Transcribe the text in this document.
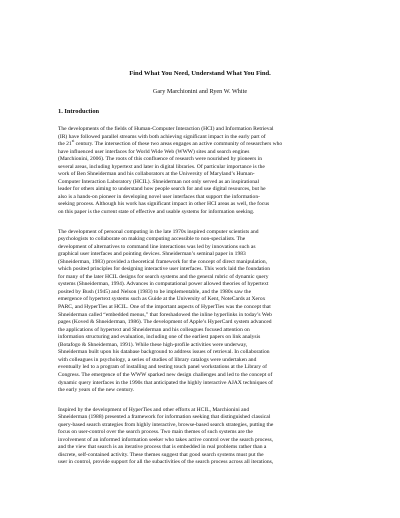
Find What You Need, Understand What You Find.
Gary Marchionini and Ryen W. White
1. Introduction
The developments of the fields of Human-Computer Interaction (HCI) and Information Retrieval
(IR) have followed parallel streams with both achieving significant impact in the early part of
the 21st century. The intersection of these two areas engages an active community of researchers who
have influenced user interfaces for World Wide Web (WWW) sites and search engines
(Marchionini, 2006). The roots of this confluence of research were nourished by pioneers in
several areas, including hypertext and later in digital libraries. Of particular importance is the
work of Ben Shneiderman and his collaborators at the University of Maryland’s Human-
Computer Interaction Laboratory (HCIL). Shneiderman not only served as an inspirational
leader for others aiming to understand how people search for and use digital resources, but he
also is a hands-on pioneer in developing novel user interfaces that support the information-
seeking process. Although his work has significant impact in other HCI areas as well, the focus
on this paper is the current state of effective and usable systems for information seeking.
The development of personal computing in the late 1970s inspired computer scientists and
psychologists to collaborate on making computing accessible to non-specialists. The
development of alternatives to command line interactions was led by innovations such as
graphical user interfaces and pointing devices. Shneiderman’s seminal paper in 1983
(Shneiderman, 1983) provided a theoretical framework for the concept of direct manipulation,
which posited principles for designing interactive user interfaces. This work laid the foundation
for many of the later HCIL designs for search systems and the general rubric of dynamic query
systems (Shneiderman, 1994). Advances in computational power allowed theories of hypertext
posited by Bush (1945) and Nelson (1983) to be implementable, and the 1980s saw the
emergence of hypertext systems such as Guide at the University of Kent, NoteCards at Xerox
PARC, and HyperTies at HCIL. One of the important aspects of HyperTies was the concept that
Shneiderman called “embedded menus,” that foreshadowed the inline hyperlinks in today’s Web
pages (Koved & Shneiderman, 1986). The development of Apple’s HyperCard system advanced
the applications of hypertext and Shneiderman and his colleagues focused attention on
information structuring and evaluation, including one of the earliest papers on link analysis
(Botafogo & Shneiderman, 1991). While these high-profile activities were underway,
Shneiderman built upon his database background to address issues of retrieval. In collaboration
with colleagues in psychology, a series of studies of library catalogs were undertaken and
eventually led to a program of installing and testing touch panel workstations at the Library of
Congress. The emergence of the WWW sparked new design challenges and led to the concept of
dynamic query interfaces in the 1990s that anticipated the highly interactive AJAX techniques of
the early years of the new century.
Inspired by the development of HyperTies and other efforts at HCIL, Marchionini and
Shneiderman (1988) presented a framework for information seeking that distinguished classical
query-based search strategies from highly interactive, browse-based search strategies, putting the
focus on user-control over the search process. Two main themes of such systems are the
involvement of an informed information seeker who takes active control over the search process,
and the view that search is an iterative process that is embedded in real problems rather than a
discrete, self-contained activity. These themes suggest that good search systems must put the
user in control, provide support for all the subactivities of the search process across all iterations,
